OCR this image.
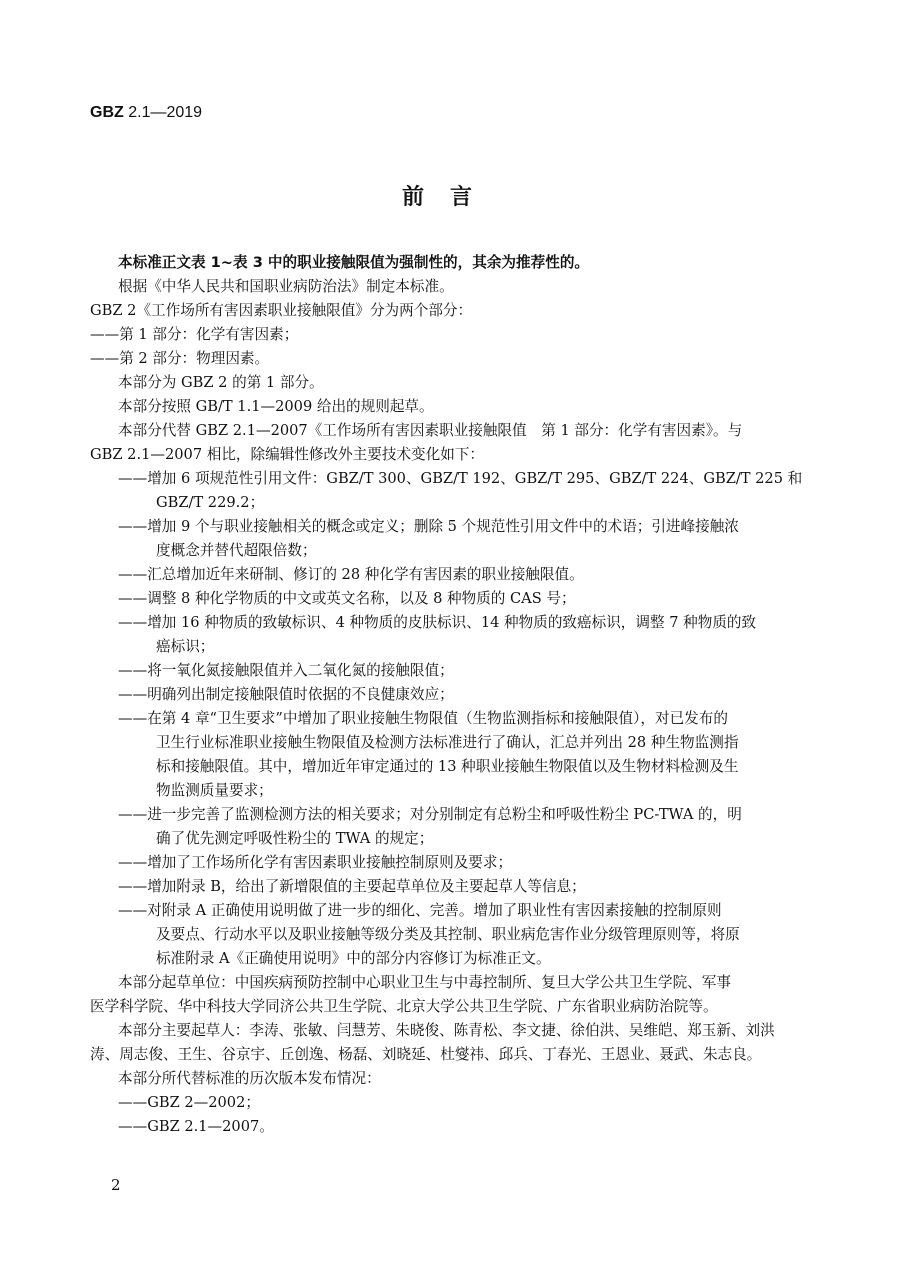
GBZ 2.1—2019
前言
本标准正文表 1~表 3 中的职业接触限值为强制性的，其余为推荐性的。
根据《中华人民共和国职业病防治法》制定本标准。
GBZ 2《工作场所有害因素职业接触限值》分为两个部分：
——第 1 部分：化学有害因素；
——第 2 部分：物理因素。
本部分为 GBZ 2 的第 1 部分。
本部分按照 GB/T 1.1—2009 给出的规则起草。
本部分代替 GBZ 2.1—2007《工作场所有害因素职业接触限值　第 1 部分：化学有害因素》。与
GBZ 2.1—2007 相比，除编辑性修改外主要技术变化如下：
——增加 6 项规范性引用文件：GBZ/T 300、GBZ/T 192、GBZ/T 295、GBZ/T 224、GBZ/T 225 和
GBZ/T 229.2；
——增加 9 个与职业接触相关的概念或定义；删除 5 个规范性引用文件中的术语；引进峰接触浓
度概念并替代超限倍数；
——汇总增加近年来研制、修订的 28 种化学有害因素的职业接触限值。
——调整 8 种化学物质的中文或英文名称，以及 8 种物质的 CAS 号；
——增加 16 种物质的致敏标识、4 种物质的皮肤标识、14 种物质的致癌标识，调整 7 种物质的致
癌标识；
——将一氧化氮接触限值并入二氧化氮的接触限值；
——明确列出制定接触限值时依据的不良健康效应；
——在第 4 章“卫生要求”中增加了职业接触生物限值（生物监测指标和接触限值），对已发布的
卫生行业标准职业接触生物限值及检测方法标准进行了确认，汇总并列出 28 种生物监测指
标和接触限值。其中，增加近年审定通过的 13 种职业接触生物限值以及生物材料检测及生
物监测质量要求；
——进一步完善了监测检测方法的相关要求；对分别制定有总粉尘和呼吸性粉尘 PC-TWA 的，明
确了优先测定呼吸性粉尘的 TWA 的规定；
——增加了工作场所化学有害因素职业接触控制原则及要求；
——增加附录 B，给出了新增限值的主要起草单位及主要起草人等信息；
——对附录 A 正确使用说明做了进一步的细化、完善。增加了职业性有害因素接触的控制原则
及要点、行动水平以及职业接触等级分类及其控制、职业病危害作业分级管理原则等，将原
标准附录 A《正确使用说明》中的部分内容修订为标准正文。
本部分起草单位：中国疾病预防控制中心职业卫生与中毒控制所、复旦大学公共卫生学院、军事
医学科学院、华中科技大学同济公共卫生学院、北京大学公共卫生学院、广东省职业病防治院等。
本部分主要起草人：李涛、张敏、闫慧芳、朱晓俊、陈青松、李文捷、徐伯洪、吴维皑、郑玉新、刘洪
涛、周志俊、王生、谷京宇、丘创逸、杨磊、刘晓延、杜燮祎、邱兵、丁春光、王恩业、聂武、朱志良。
本部分所代替标准的历次版本发布情况：
——GBZ 2—2002；
——GBZ 2.1—2007。
2
